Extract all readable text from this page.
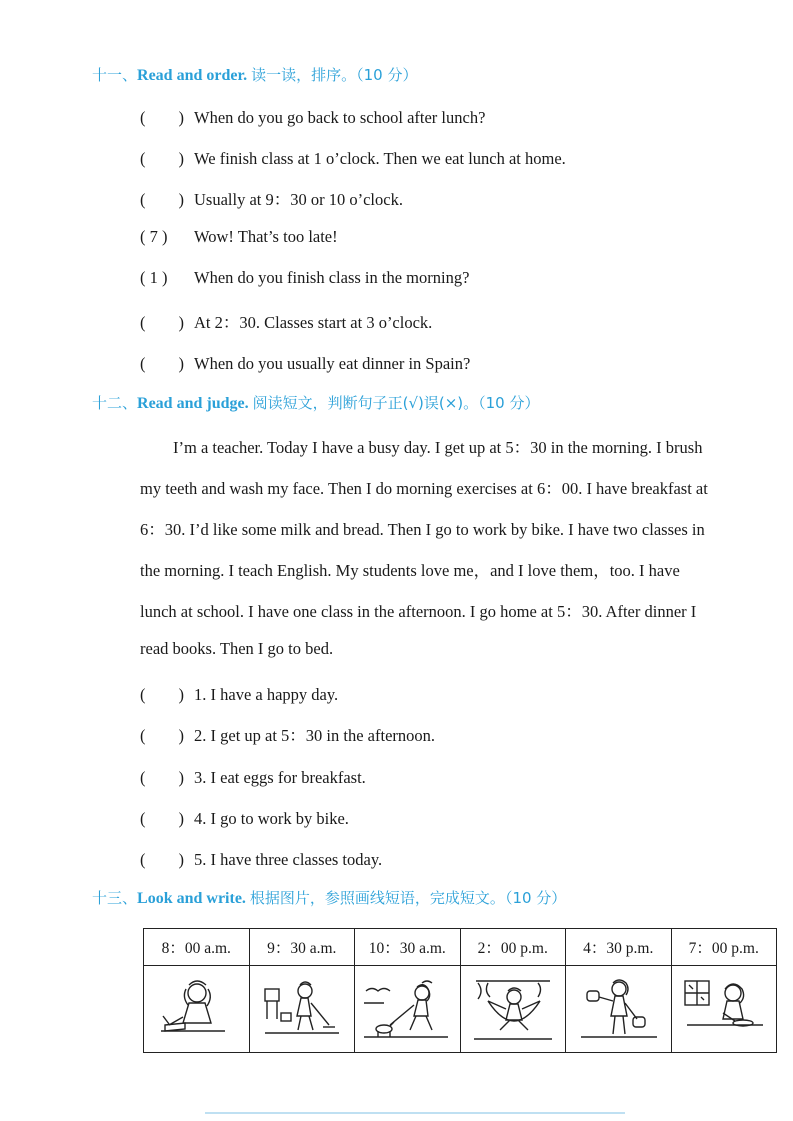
十一、Read and order. 读一读，排序。（10 分）
(　　) When do you go back to school after lunch?
(　　) We finish class at 1 o’clock. Then we eat lunch at home.
(　　) Usually at 9：30 or 10 o’clock.
( 7 ) Wow! That’s too late!
( 1 ) When do you finish class in the morning?
(　　) At 2：30. Classes start at 3 o’clock.
(　　) When do you usually eat dinner in Spain?
十二、Read and judge. 阅读短文，判断句子正(√)误(×)。（10 分）
I’m a teacher. Today I have a busy day. I get up at 5：30 in the morning. I brush
my teeth and wash my face. Then I do morning exercises at 6：00. I have breakfast at
6：30. I’d like some milk and bread. Then I go to work by bike. I have two classes in
the morning. I teach English. My students love me，and I love them，too. I have
lunch at school. I have one class in the afternoon. I go home at 5：30. After dinner I
read books. Then I go to bed.
(　　) 1. I have a happy day.
(　　) 2. I get up at 5：30 in the afternoon.
(　　) 3. I eat eggs for breakfast.
(　　) 4. I go to work by bike.
(　　) 5. I have three classes today.
十三、Look and write. 根据图片，参照画线短语，完成短文。（10 分）
8：00 a.m.	9：30 a.m.	10：30 a.m.	2：00 p.m.	4：30 p.m.	7：00 p.m.
